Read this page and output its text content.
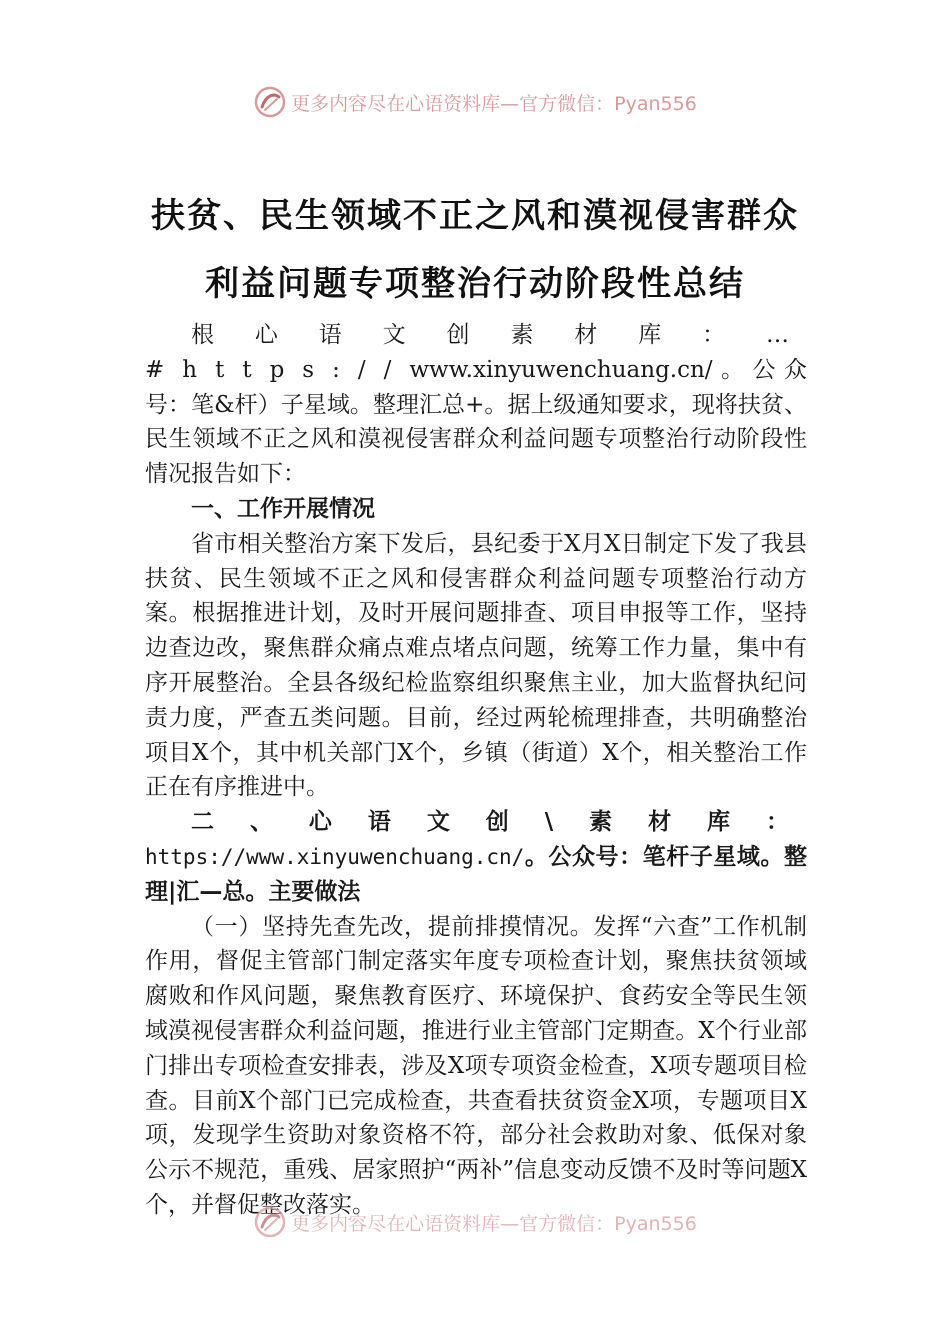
更多内容尽在心语资料库—官方微信：Pyan556
扶贫、民生领域不正之风和漠视侵害群众
利益问题专项整治行动阶段性总结

根心语文创素材库：…#https://www.xinyuwenchuang.cn/。公众号：笔&杆）子星域。整理汇总+。据上级通知要求，现将扶贫、民生领域不正之风和漠视侵害群众利益问题专项整治行动阶段性情况报告如下：

一、工作开展情况

省市相关整治方案下发后，县纪委于X月X日制定下发了我县扶贫、民生领域不正之风和侵害群众利益问题专项整治行动方案。根据推进计划，及时开展问题排查、项目申报等工作，坚持边查边改，聚焦群众痛点难点堵点问题，统筹工作力量，集中有序开展整治。全县各级纪检监察组织聚焦主业，加大监督执纪问责力度，严查五类问题。目前，经过两轮梳理排查，共明确整治项目X个，其中机关部门X个，乡镇（街道）X个，相关整治工作正在有序推进中。

二、心语文创\素材库：https://www.xinyuwenchuang.cn/。公众号：笔杆子星域。整理|汇—总。主要做法

（一）坚持先查先改，提前排摸情况。发挥“六查”工作机制作用，督促主管部门制定落实年度专项检查计划，聚焦扶贫领域腐败和作风问题，聚焦教育医疗、环境保护、食药安全等民生领域漠视侵害群众利益问题，推进行业主管部门定期查。X个行业部门排出专项检查安排表，涉及X项专项资金检查，X项专题项目检查。目前X个部门已完成检查，共查看扶贫资金X项，专题项目X项，发现学生资助对象资格不符，部分社会救助对象、低保对象公示不规范，重残、居家照护“两补”信息变动反馈不及时等问题X个，并督促整改落实。

更多内容尽在心语资料库—官方微信：Pyan556
